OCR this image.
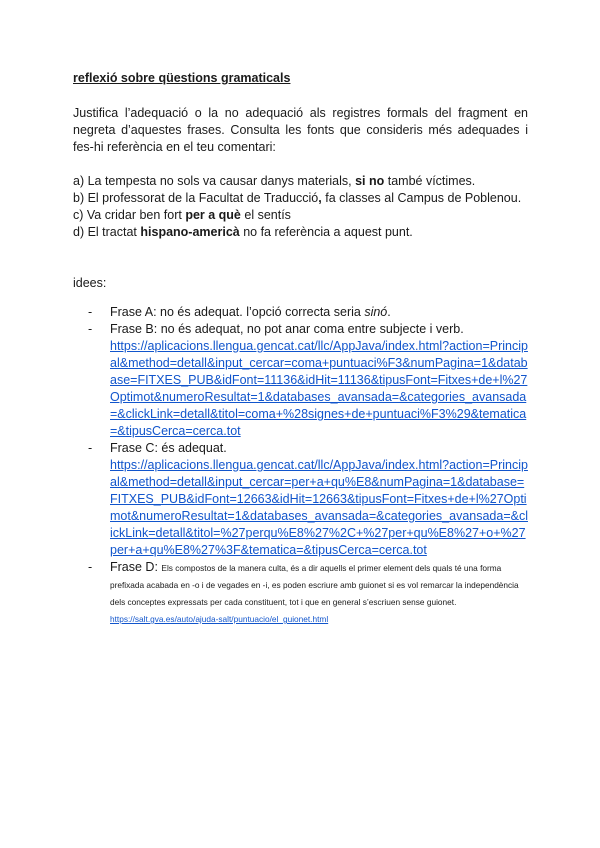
reflexió sobre qüestions gramaticals

Justifica l’adequació o la no adequació als registres formals del fragment en negreta d’aquestes frases. Consulta les fonts que consideris més adequades i fes-hi referència en el teu comentari:

a) La tempesta no sols va causar danys materials, si no també víctimes.

b) El professorat de la Facultat de Traducció, fa classes al Campus de Poblenou.

c) Va cridar ben fort per a què el sentís

d) El tractat hispano-americà no fa referència a aquest punt.

idees:

- Frase A: no és adequat. l’opció correcta seria sinó.
- Frase B: no és adequat, no pot anar coma entre subjecte i verb.
https://aplicacions.llengua.gencat.cat/llc/AppJava/index.html?action=Principal&method=detall&input_cercar=coma+puntuaci%F3&numPagina=1&database=FITXES_PUB&idFont=11136&idHit=11136&tipusFont=Fitxes+de+l%27Optimot&numeroResultat=1&databases_avansada=&categories_avansada=&clickLink=detall&titol=coma+%28signes+de+puntuaci%F3%29&tematica=&tipusCerca=cerca.tot
- Frase C: és adequat.
https://aplicacions.llengua.gencat.cat/llc/AppJava/index.html?action=Principal&method=detall&input_cercar=per+a+qu%E8&numPagina=1&database=FITXES_PUB&idFont=12663&idHit=12663&tipusFont=Fitxes+de+l%27Optimot&numeroResultat=1&databases_avansada=&categories_avansada=&clickLink=detall&titol=%27perqu%E8%27%2C+%27per+qu%E8%27+o+%27per+a+qu%E8%27%3F&tematica=&tipusCerca=cerca.tot
- Frase D: Els compostos de la manera culta, és a dir aquells el primer element dels quals té una forma prefixada acabada en -o i de vegades en -i, es poden escriure amb guionet si es vol remarcar la independència dels conceptes expressats per cada constituent, tot i que en general s’escriuen sense guionet.
https://salt.gva.es/auto/ajuda-salt/puntuacio/el_guionet.html
